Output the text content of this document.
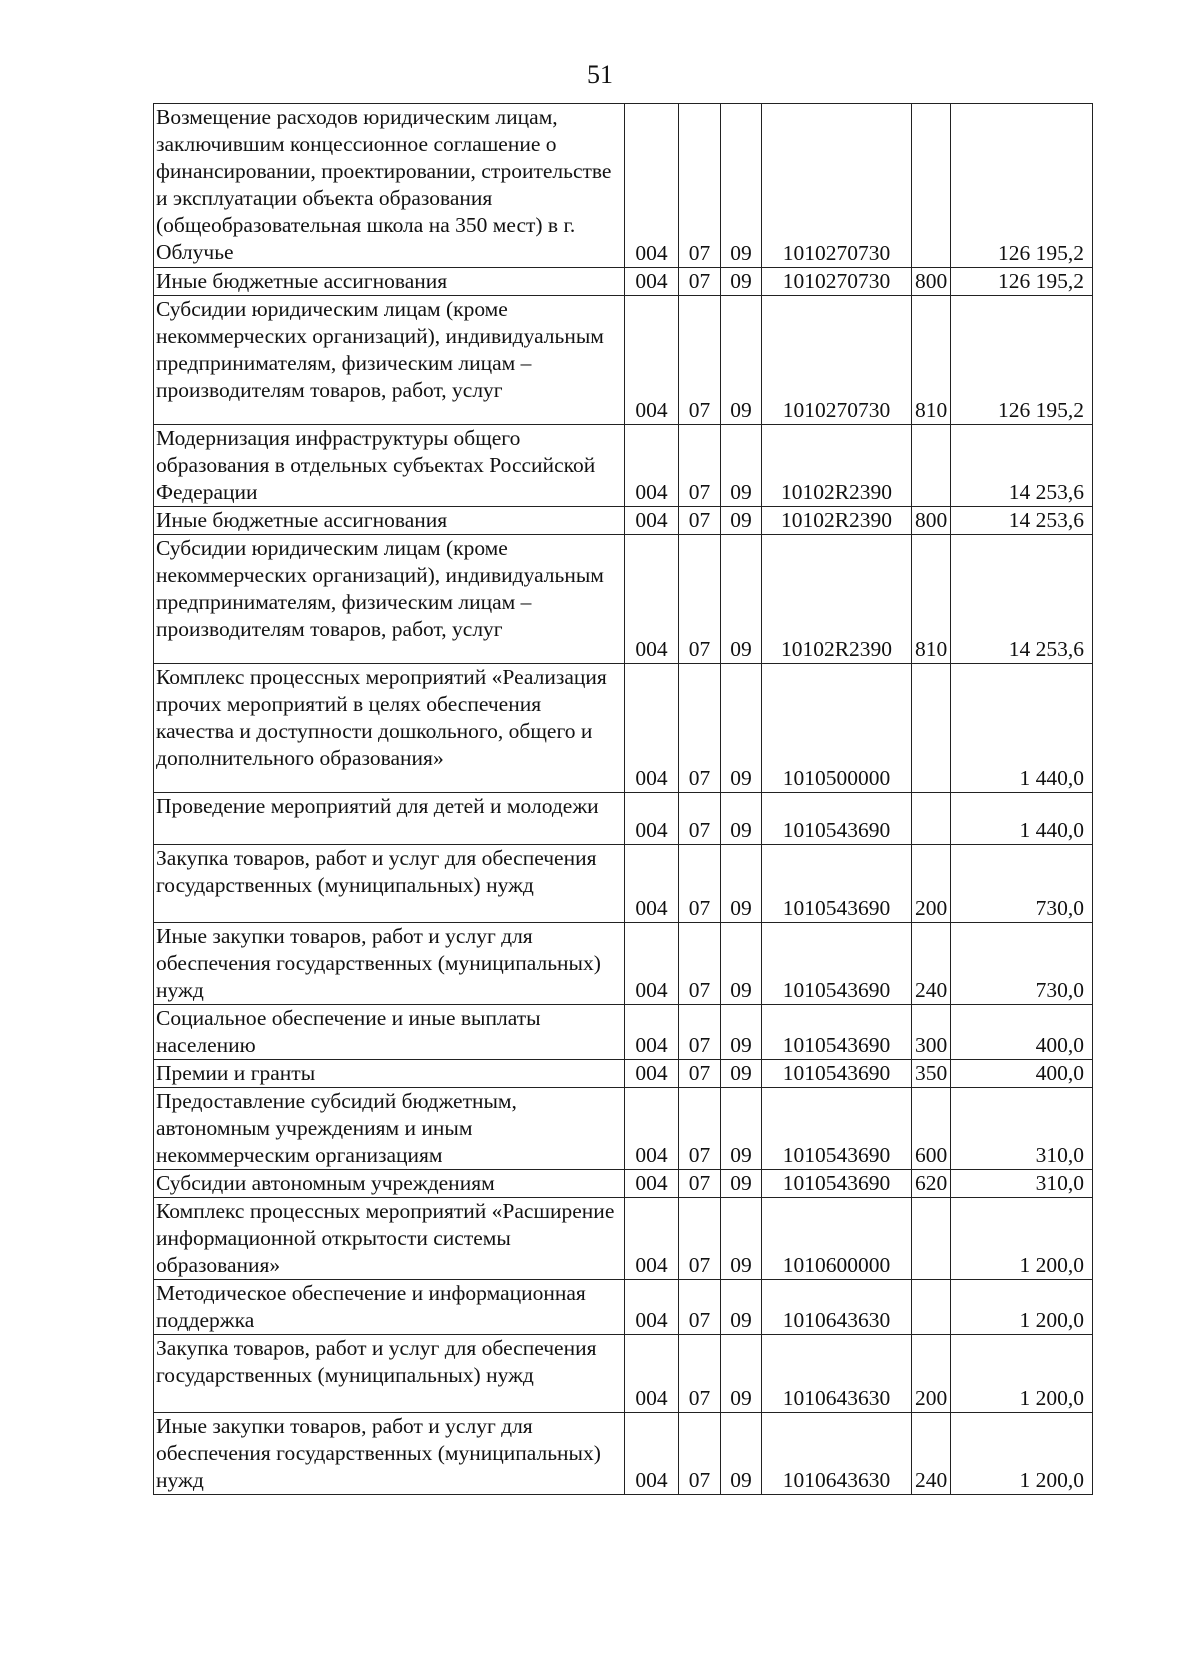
51
Возмещение расходов юридическим лицам, заключившим концессионное соглашение о финансировании, проектировании, строительстве и эксплуатации объекта образования (общеобразовательная школа на 350 мест) в г. Облучье	004	07	09	1010270730		126 195,2
Иные бюджетные ассигнования	004	07	09	1010270730	800	126 195,2
Субсидии юридическим лицам (кроме некоммерческих организаций), индивидуальным предпринимателям, физическим лицам – производителям товаров, работ, услуг	004	07	09	1010270730	810	126 195,2
Модернизация инфраструктуры общего образования в отдельных субъектах Российской Федерации	004	07	09	10102R2390		14 253,6
Иные бюджетные ассигнования	004	07	09	10102R2390	800	14 253,6
Субсидии юридическим лицам (кроме некоммерческих организаций), индивидуальным предпринимателям, физическим лицам – производителям товаров, работ, услуг	004	07	09	10102R2390	810	14 253,6
Комплекс процессных мероприятий «Реализация прочих мероприятий в целях обеспечения качества и доступности дошкольного, общего и дополнительного образования»	004	07	09	1010500000		1 440,0
Проведение мероприятий для детей и молодежи	004	07	09	1010543690		1 440,0
Закупка товаров, работ и услуг для обеспечения государственных (муниципальных) нужд	004	07	09	1010543690	200	730,0
Иные закупки товаров, работ и услуг для обеспечения государственных (муниципальных) нужд	004	07	09	1010543690	240	730,0
Социальное обеспечение и иные выплаты населению	004	07	09	1010543690	300	400,0
Премии и гранты	004	07	09	1010543690	350	400,0
Предоставление субсидий бюджетным, автономным учреждениям и иным некоммерческим организациям	004	07	09	1010543690	600	310,0
Субсидии автономным учреждениям	004	07	09	1010543690	620	310,0
Комплекс процессных мероприятий «Расширение информационной открытости системы образования»	004	07	09	1010600000		1 200,0
Методическое обеспечение и информационная поддержка	004	07	09	1010643630		1 200,0
Закупка товаров, работ и услуг для обеспечения государственных (муниципальных) нужд	004	07	09	1010643630	200	1 200,0
Иные закупки товаров, работ и услуг для обеспечения государственных (муниципальных) нужд	004	07	09	1010643630	240	1 200,0
